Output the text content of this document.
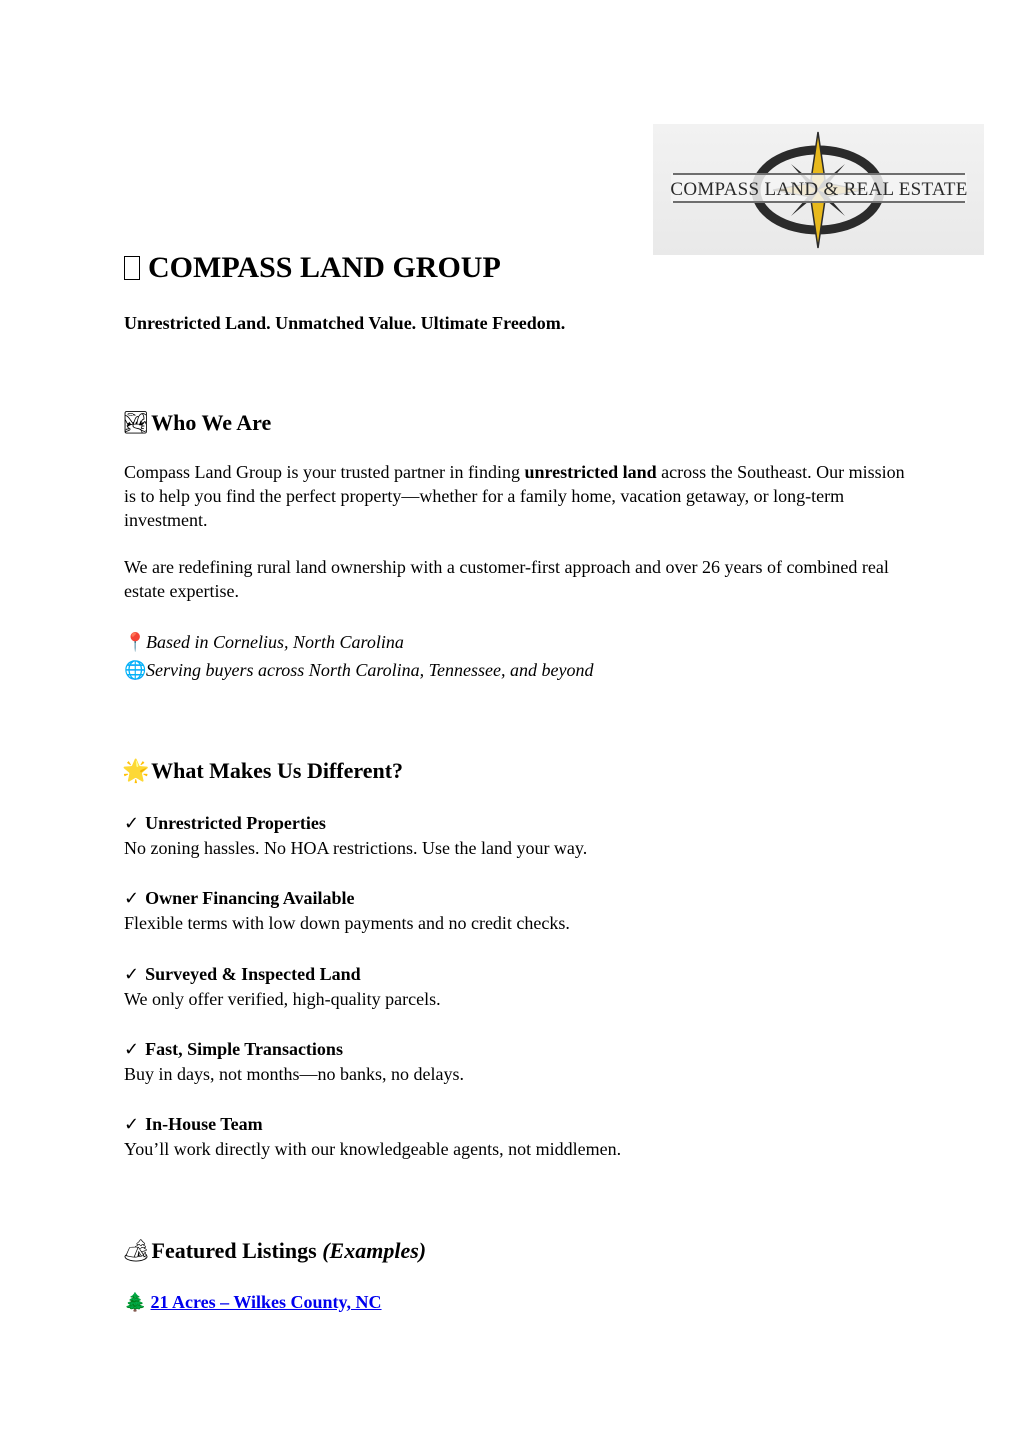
COMPASS LAND & REAL ESTATE
COMPASS LAND GROUP
Unrestricted Land. Unmatched Value. Ultimate Freedom.
🏞 Who We Are
Compass Land Group is your trusted partner in finding unrestricted land across the Southeast. Our mission is to help you find the perfect property—whether for a family home, vacation getaway, or long-term investment.
We are redefining rural land ownership with a customer-first approach and over 26 years of combined real estate expertise.
📍Based in Cornelius, North Carolina
🌐Serving buyers across North Carolina, Tennessee, and beyond
🌟 What Makes Us Different?
✓ Unrestricted Properties
No zoning hassles. No HOA restrictions. Use the land your way.
✓ Owner Financing Available
Flexible terms with low down payments and no credit checks.
✓ Surveyed & Inspected Land
We only offer verified, high-quality parcels.
✓ Fast, Simple Transactions
Buy in days, not months—no banks, no delays.
✓ In-House Team
You’ll work directly with our knowledgeable agents, not middlemen.
🏕 Featured Listings (Examples)
🌲 21 Acres – Wilkes County, NC
